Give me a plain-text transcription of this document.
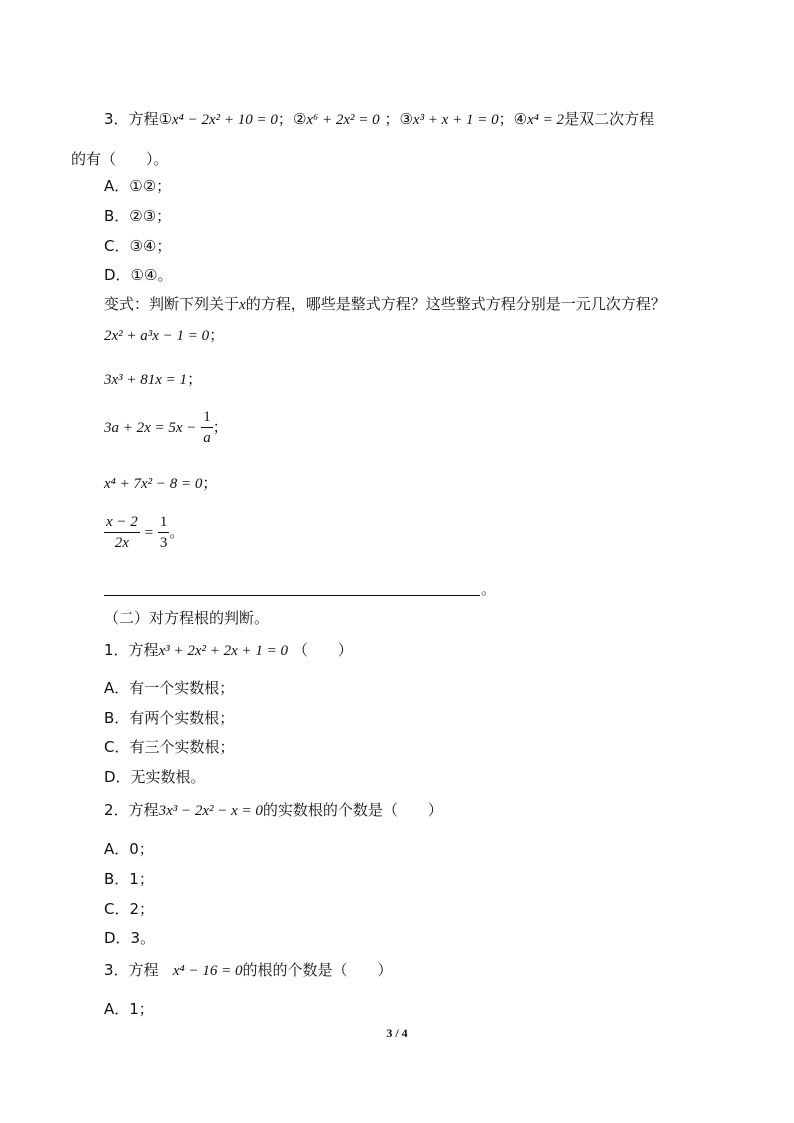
3．方程①x⁴ − 2x² + 10 = 0；②x⁶ + 2x² = 0 ；③x³ + x + 1 = 0；④x⁴ = 2是双二次方程
的有（　　）。
A．①②；
B．②③；
C．③④；
D．①④。
变式：判断下列关于x的方程，哪些是整式方程？这些整式方程分别是一元几次方程？
2x² + a³x − 1 = 0；
3x³ + 81x = 1；
$3a + 2x = 5x - \frac{1}{a}$ ；
x⁴ + 7x² − 8 = 0；
$\frac{x - 2}{2x} = \frac{1}{3}$ 。
。
（二）对方程根的判断。
1．方程x³ + 2x² + 2x + 1 = 0 （　　）
A．有一个实数根；
B．有两个实数根；
C．有三个实数根；
D．无实数根。
2．方程3x³ − 2x² − x = 0的实数根的个数是（　　）
A．0；
B．1；
C．2；
D．3。
3．方程 x⁴ − 16 = 0的根的个数是（　　）
A．1；
3 / 4
